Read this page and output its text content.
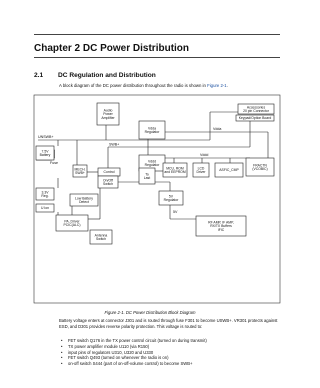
Chapter 2 DC Power Distribution
2.1 DC Regulation and Distribution
A block diagram of the DC power distribution throughout the radio is shown in Figure 2-1.
Audio
Power
Amplifier
Accessories
20 pin Connector
Keypad/Option Board
Vdda
Regulator
Vddd
Regulator
7.5V
Battery
MECH.
SWB+	Control
On/Off
Switch
To
Last
MCU, ROM
and EEPROM
LCD
Driver	ASFIC_CMP
FRACTN
(VCOBIC)
3.3V
Reg.
Low Battery
Detect
U Ion
PA, Driver
PCIC(ALC)
Antenna
Switch
5V
Regulator
RF AMP, IF AMP,
RX/TX Buffers
IFIC
UNSWB+
SWB+
Fuse
Vdda
Vddd
5V
Figure 2-1. DC Power Distribution Block Diagram
Battery voltage enters at connector J301 and is routed through fuse F301 to become USWB+. VR301 protects against ESD, and D301 provides reverse polarity protection. This voltage is routed to:
• FET switch Q176 in the TX power control circuit (turned on during transmit)
• TX power amplifier module U110 (via R150)
• input pins of regulators U310, U320 and U330
• FET switch Q493 (turned on whenever the radio is on)
• on-off switch S444 (part of on-off-volume control) to become SWB+
